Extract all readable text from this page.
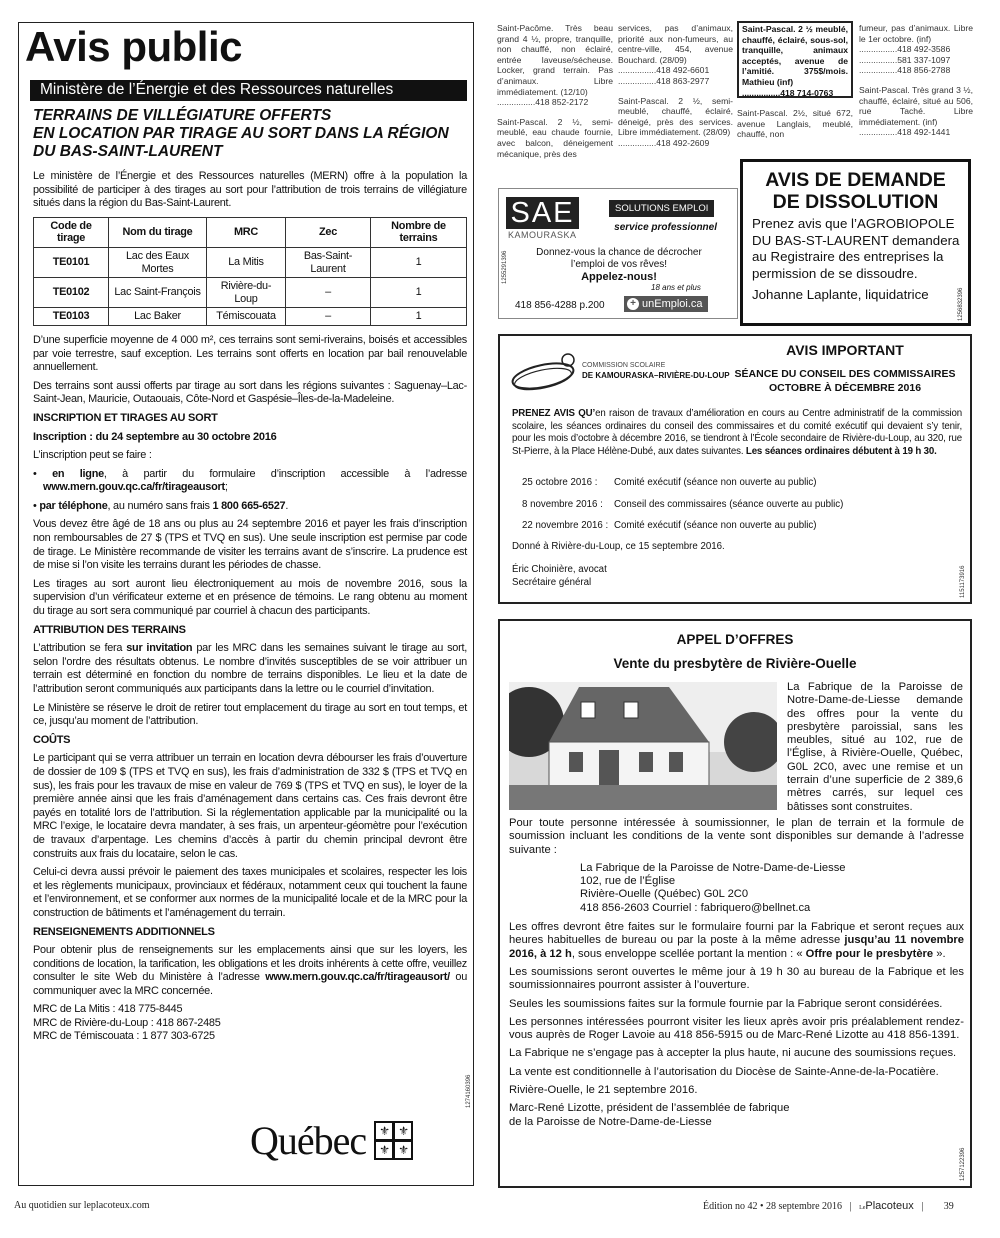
Avis public
Ministère de l’Énergie et des Ressources naturelles
TERRAINS DE VILLÉGIATURE OFFERTS
EN LOCATION PAR TIRAGE AU SORT DANS LA RÉGION
DU BAS-SAINT-LAURENT

Le ministère de l’Énergie et des Ressources naturelles (MERN) offre à la population la possibilité de participer à des tirages au sort pour l’attribution de trois terrains de villégiature situés dans la région du Bas-Saint-Laurent.

Code de tirage	Nom du tirage	MRC	Zec	Nombre de terrains
TE0101	Lac des Eaux Mortes	La Mitis	Bas-Saint-Laurent	1
TE0102	Lac Saint-François	Rivière-du-Loup	–	1
TE0103	Lac Baker	Témiscouata	–	1

D’une superficie moyenne de 4 000 m², ces terrains sont semi-riverains, boisés et accessibles par voie terrestre, sauf exception. Les terrains sont offerts en location par bail renouvelable annuellement.

Des terrains sont aussi offerts par tirage au sort dans les régions suivantes : Saguenay–Lac-Saint-Jean, Mauricie, Outaouais, Côte-Nord et Gaspésie–Îles-de-la-Madeleine.

INSCRIPTION ET TIRAGES AU SORT
Inscription : du 24 septembre au 30 octobre 2016

L’inscription peut se faire :

• en ligne, à partir du formulaire d’inscription accessible à l’adresse www.mern.gouv.qc.ca/fr/tirageausort;

• par téléphone, au numéro sans frais 1 800 665-6527.

Vous devez être âgé de 18 ans ou plus au 24 septembre 2016 et payer les frais d’inscription non remboursables de 27 $ (TPS et TVQ en sus). Une seule inscription est permise par code de tirage. Le Ministère recommande de visiter les terrains avant de s’inscrire. La prudence est de mise si l’on visite les terrains durant les périodes de chasse.

Les tirages au sort auront lieu électroniquement au mois de novembre 2016, sous la supervision d’un vérificateur externe et en présence de témoins. Le rang obtenu au moment du tirage au sort sera communiqué par courriel à chacun des participants.

ATTRIBUTION DES TERRAINS

L’attribution se fera sur invitation par les MRC dans les semaines suivant le tirage au sort, selon l’ordre des résultats obtenus. Le nombre d’invités susceptibles de se voir attribuer un terrain est déterminé en fonction du nombre de terrains disponibles. Le lieu et la date de l’attribution seront communiqués aux participants dans la lettre ou le courriel d’invitation.

Le Ministère se réserve le droit de retirer tout emplacement du tirage au sort en tout temps, et ce, jusqu’au moment de l’attribution.

COÛTS

Le participant qui se verra attribuer un terrain en location devra débourser les frais d’ouverture de dossier de 109 $ (TPS et TVQ en sus), les frais d’administration de 332 $ (TPS et TVQ en sus), les frais pour les travaux de mise en valeur de 769 $ (TPS et TVQ en sus), le loyer de la première année ainsi que les frais d’aménagement dans certains cas. Ces frais devront être payés en totalité lors de l’attribution. Si la réglementation applicable par la municipalité ou la MRC l’exige, le locataire devra mandater, à ses frais, un arpenteur-géomètre pour l’exécution de travaux d’arpentage. Les chemins d’accès à partir du chemin principal devront être construits aux frais du locataire, selon le cas.

Celui-ci devra aussi prévoir le paiement des taxes municipales et scolaires, respecter les lois et les règlements municipaux, provinciaux et fédéraux, notamment ceux qui touchent la faune et l’environnement, et se conformer aux normes de la municipalité locale et de la MRC pour la construction de bâtiments et l’aménagement du terrain.

RENSEIGNEMENTS ADDITIONNELS

Pour obtenir plus de renseignements sur les emplacements ainsi que sur les loyers, les conditions de location, la tarification, les obligations et les droits inhérents à cette offre, veuillez consulter le site Web du Ministère à l’adresse www.mern.gouv.qc.ca/fr/tirageausort/ ou communiquer avec la MRC concernée.

MRC de La Mitis : 418 775-8445
MRC de Rivière-du-Loup : 418 867-2485
MRC de Témiscouata : 1 877 303-6725
1274160396
Québec ⚜ ⚜
⚜ ⚜

Saint-Pacôme. Très beau grand 4 ½, propre, tranquille, non chauffé, non éclairé, entrée laveuse/sécheuse. Locker, grand terrain. Pas d’animaux. Libre immédiatement. (12/10)
................418 852-2172

Saint-Pascal. 2 ½, semi-meublé, eau chaude fournie, avec balcon, déneigement mécanique, près des

services, pas d’animaux, priorité aux non-fumeurs, au centre-ville, 454, avenue Bouchard. (28/09)
................418 492-6601
................418 863-2977

Saint-Pascal. 2 ½, semi-meublé, chauffé, éclairé, déneigé, près des services. Libre immédiatement. (28/09)
................418 492-2609

Saint-Pascal. 2 ½ meublé, chauffé, éclairé, sous-sol, tranquille, animaux acceptés, avenue de l’amitié. 375$/mois. Mathieu (inf)
................418 714-0763
Saint-Pascal. 2½, situé 672, avenue Langlais, meublé, chauffé, non

fumeur, pas d’animaux. Libre le 1er octobre. (inf)
................418 492-3586
................581 337-1097
................418 856-2788

Saint-Pascal. Très grand 3 ½, chauffé, éclairé, situé au 506, rue Taché. Libre immédiatement. (inf)
................418 492-1441

SAE
KAMOURASKA
SOLUTIONS EMPLOI
service professionnel
Donnez-vous la chance de décrocher
l’emploi de vos rêves!
Appelez-nous!
18 ans et plus
418 856-4288 p.200	+ unEmploi.ca
1255291396
AVIS DE DEMANDE
DE DISSOLUTION
Prenez avis que l’AGROBIOPOLE DU BAS-ST-LAURENT demandera au Registraire des entreprises la permission de se dissoudre.
Johanne Laplante, liquidatrice	1256832396
COMMISSION SCOLAIRE
DE KAMOURASKA–RIVIÈRE-DU-LOUP
AVIS IMPORTANT
SÉANCE DU CONSEIL DES COMMISSAIRES
OCTOBRE À DÉCEMBRE 2016
PRENEZ AVIS QU’en raison de travaux d’amélioration en cours au Centre administratif de la commission scolaire, les séances ordinaires du conseil des commissaires et du comité exécutif qui devaient s’y tenir, pour les mois d’octobre à décembre 2016, se tiendront à l’École secondaire de Rivière-du-Loup, au 320, rue St-Pierre, à la Place Hélène-Dubé, aux dates suivantes. Les séances ordinaires débutent à 19 h 30.
25 octobre 2016 : Comité exécutif (séance non ouverte au public)
8 novembre 2016 : Conseil des commissaires (séance ouverte au public)
22 novembre 2016 : Comité exécutif (séance non ouverte au public)
Donné à Rivière-du-Loup, ce 15 septembre 2016.
Éric Choinière, avocat
Secrétaire général	1151173916
APPEL D’OFFRES
Vente du presbytère de Rivière-Ouelle
La Fabrique de la Paroisse de Notre-Dame-de-Liesse demande des offres pour la vente du presbytère paroissial, sans les meubles, situé au 102, rue de l’Église, à Rivière-Ouelle, Québec, G0L 2C0, avec une remise et un terrain d’une superficie de 2 389,6 mètres carrés, sur lequel ces bâtisses sont construites.

Pour toute personne intéressée à soumissionner, le plan de terrain et la formule de soumission incluant les conditions de la vente sont disponibles sur demande à l’adresse suivante :

La Fabrique de la Paroisse de Notre-Dame-de-Liesse
102, rue de l’Église
Rivière-Ouelle (Québec) G0L 2C0
418 856-2603 Courriel : fabriquero@bellnet.ca

Les offres devront être faites sur le formulaire fourni par la Fabrique et seront reçues aux heures habituelles de bureau ou par la poste à la même adresse jusqu’au 11 novembre 2016, à 12 h, sous enveloppe scellée portant la mention : « Offre pour le presbytère ».

Les soumissions seront ouvertes le même jour à 19 h 30 au bureau de la Fabrique et les soumissionnaires pourront assister à l’ouverture.

Seules les soumissions faites sur la formule fournie par la Fabrique seront considérées.

Les personnes intéressées pourront visiter les lieux après avoir pris préalablement rendez-vous auprès de Roger Lavoie au 418 856-5915 ou de Marc-René Lizotte au 418 856-1391.

La Fabrique ne s’engage pas à accepter la plus haute, ni aucune des soumissions reçues.

La vente est conditionnelle à l’autorisation du Diocèse de Sainte-Anne-de-la-Pocatière.

Rivière-Ouelle, le 21 septembre 2016.

Marc-René Lizotte, président de l’assemblée de fabrique
de la Paroisse de Notre-Dame-de-Liesse
1257122396
Au quotidien sur leplacoteux.com	Édition no 42 • 28 septembre 2016 | LePlacoteux | 39
